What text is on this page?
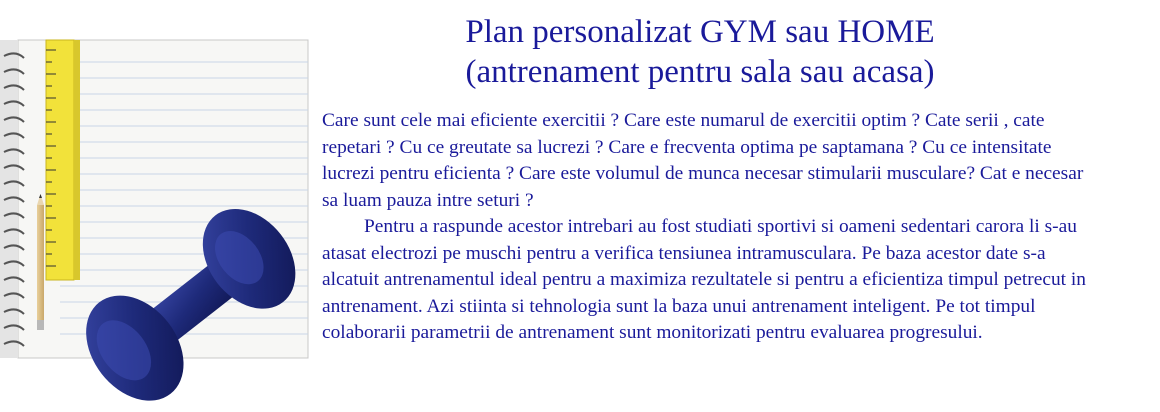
Plan personalizat GYM sau HOME
(antrenament pentru sala sau acasa)

Care sunt cele mai eficiente exercitii ? Care este numarul de exercitii optim ? Cate serii , cate repetari ? Cu ce greutate sa lucrezi ? Care e frecventa optima pe saptamana ? Cu ce intensitate lucrezi pentru eficienta ? Care este volumul de munca necesar stimularii musculare? Cat e necesar sa luam pauza intre seturi ?

Pentru a raspunde acestor intrebari au fost studiati sportivi si oameni sedentari carora li s-au atasat electrozi pe muschi pentru a verifica tensiunea intramusculara. Pe baza acestor date s-a alcatuit antrenamentul ideal pentru a maximiza rezultatele si pentru a eficientiza timpul petrecut in antrenament. Azi stiinta si tehnologia sunt la baza unui antrenament inteligent. Pe tot timpul colaborarii parametrii de antrenament sunt monitorizati pentru evaluarea progresului.
